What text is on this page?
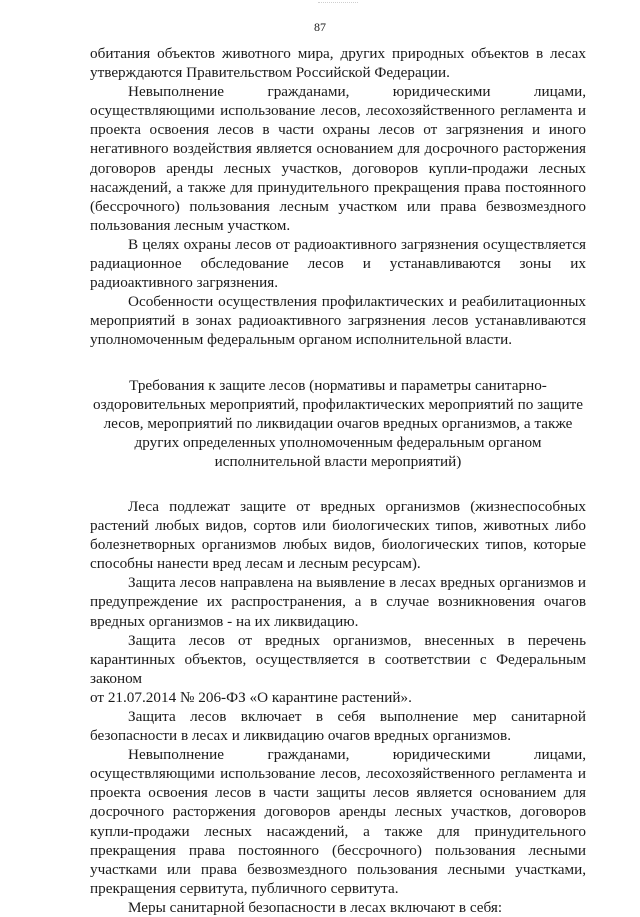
87

обитания объектов животного мира, других природных объектов в лесах утверждаются Правительством Российской Федерации.

Невыполнение гражданами, юридическими лицами, осуществляющими использование лесов, лесохозяйственного регламента и проекта освоения лесов в части охраны лесов от загрязнения и иного негативного воздействия является основанием для досрочного расторжения договоров аренды лесных участков, договоров купли-продажи лесных насаждений, а также для принудительного прекращения права постоянного (бессрочного) пользования лесным участком или права безвозмездного пользования лесным участком.

В целях охраны лесов от радиоактивного загрязнения осуществляется радиационное обследование лесов и устанавливаются зоны их радиоактивного загрязнения.

Особенности осуществления профилактических и реабилитационных мероприятий в зонах радиоактивного загрязнения лесов устанавливаются уполномоченным федеральным органом исполнительной власти.

Требования к защите лесов (нормативы и параметры санитарно-оздоровительных мероприятий, профилактических мероприятий по защите лесов, мероприятий по ликвидации очагов вредных организмов, а также других определенных уполномоченным федеральным органом исполнительной власти мероприятий)

Леса подлежат защите от вредных организмов (жизнеспособных растений любых видов, сортов или биологических типов, животных либо болезнетворных организмов любых видов, биологических типов, которые способны нанести вред лесам и лесным ресурсам).

Защита лесов направлена на выявление в лесах вредных организмов и предупреждение их распространения, а в случае возникновения очагов вредных организмов - на их ликвидацию.

Защита лесов от вредных организмов, внесенных в перечень карантинных объектов, осуществляется в соответствии с Федеральным законом

от 21.07.2014 № 206-ФЗ «О карантине растений».

Защита лесов включает в себя выполнение мер санитарной безопасности в лесах и ликвидацию очагов вредных организмов.

Невыполнение гражданами, юридическими лицами, осуществляющими использование лесов, лесохозяйственного регламента и проекта освоения лесов в части защиты лесов является основанием для досрочного расторжения договоров аренды лесных участков, договоров купли-продажи лесных насаждений, а также для принудительного прекращения права постоянного (бессрочного) пользования лесными участками или права безвозмездного пользования лесными участками, прекращения сервитута, публичного сервитута.

Меры санитарной безопасности в лесах включают в себя:
